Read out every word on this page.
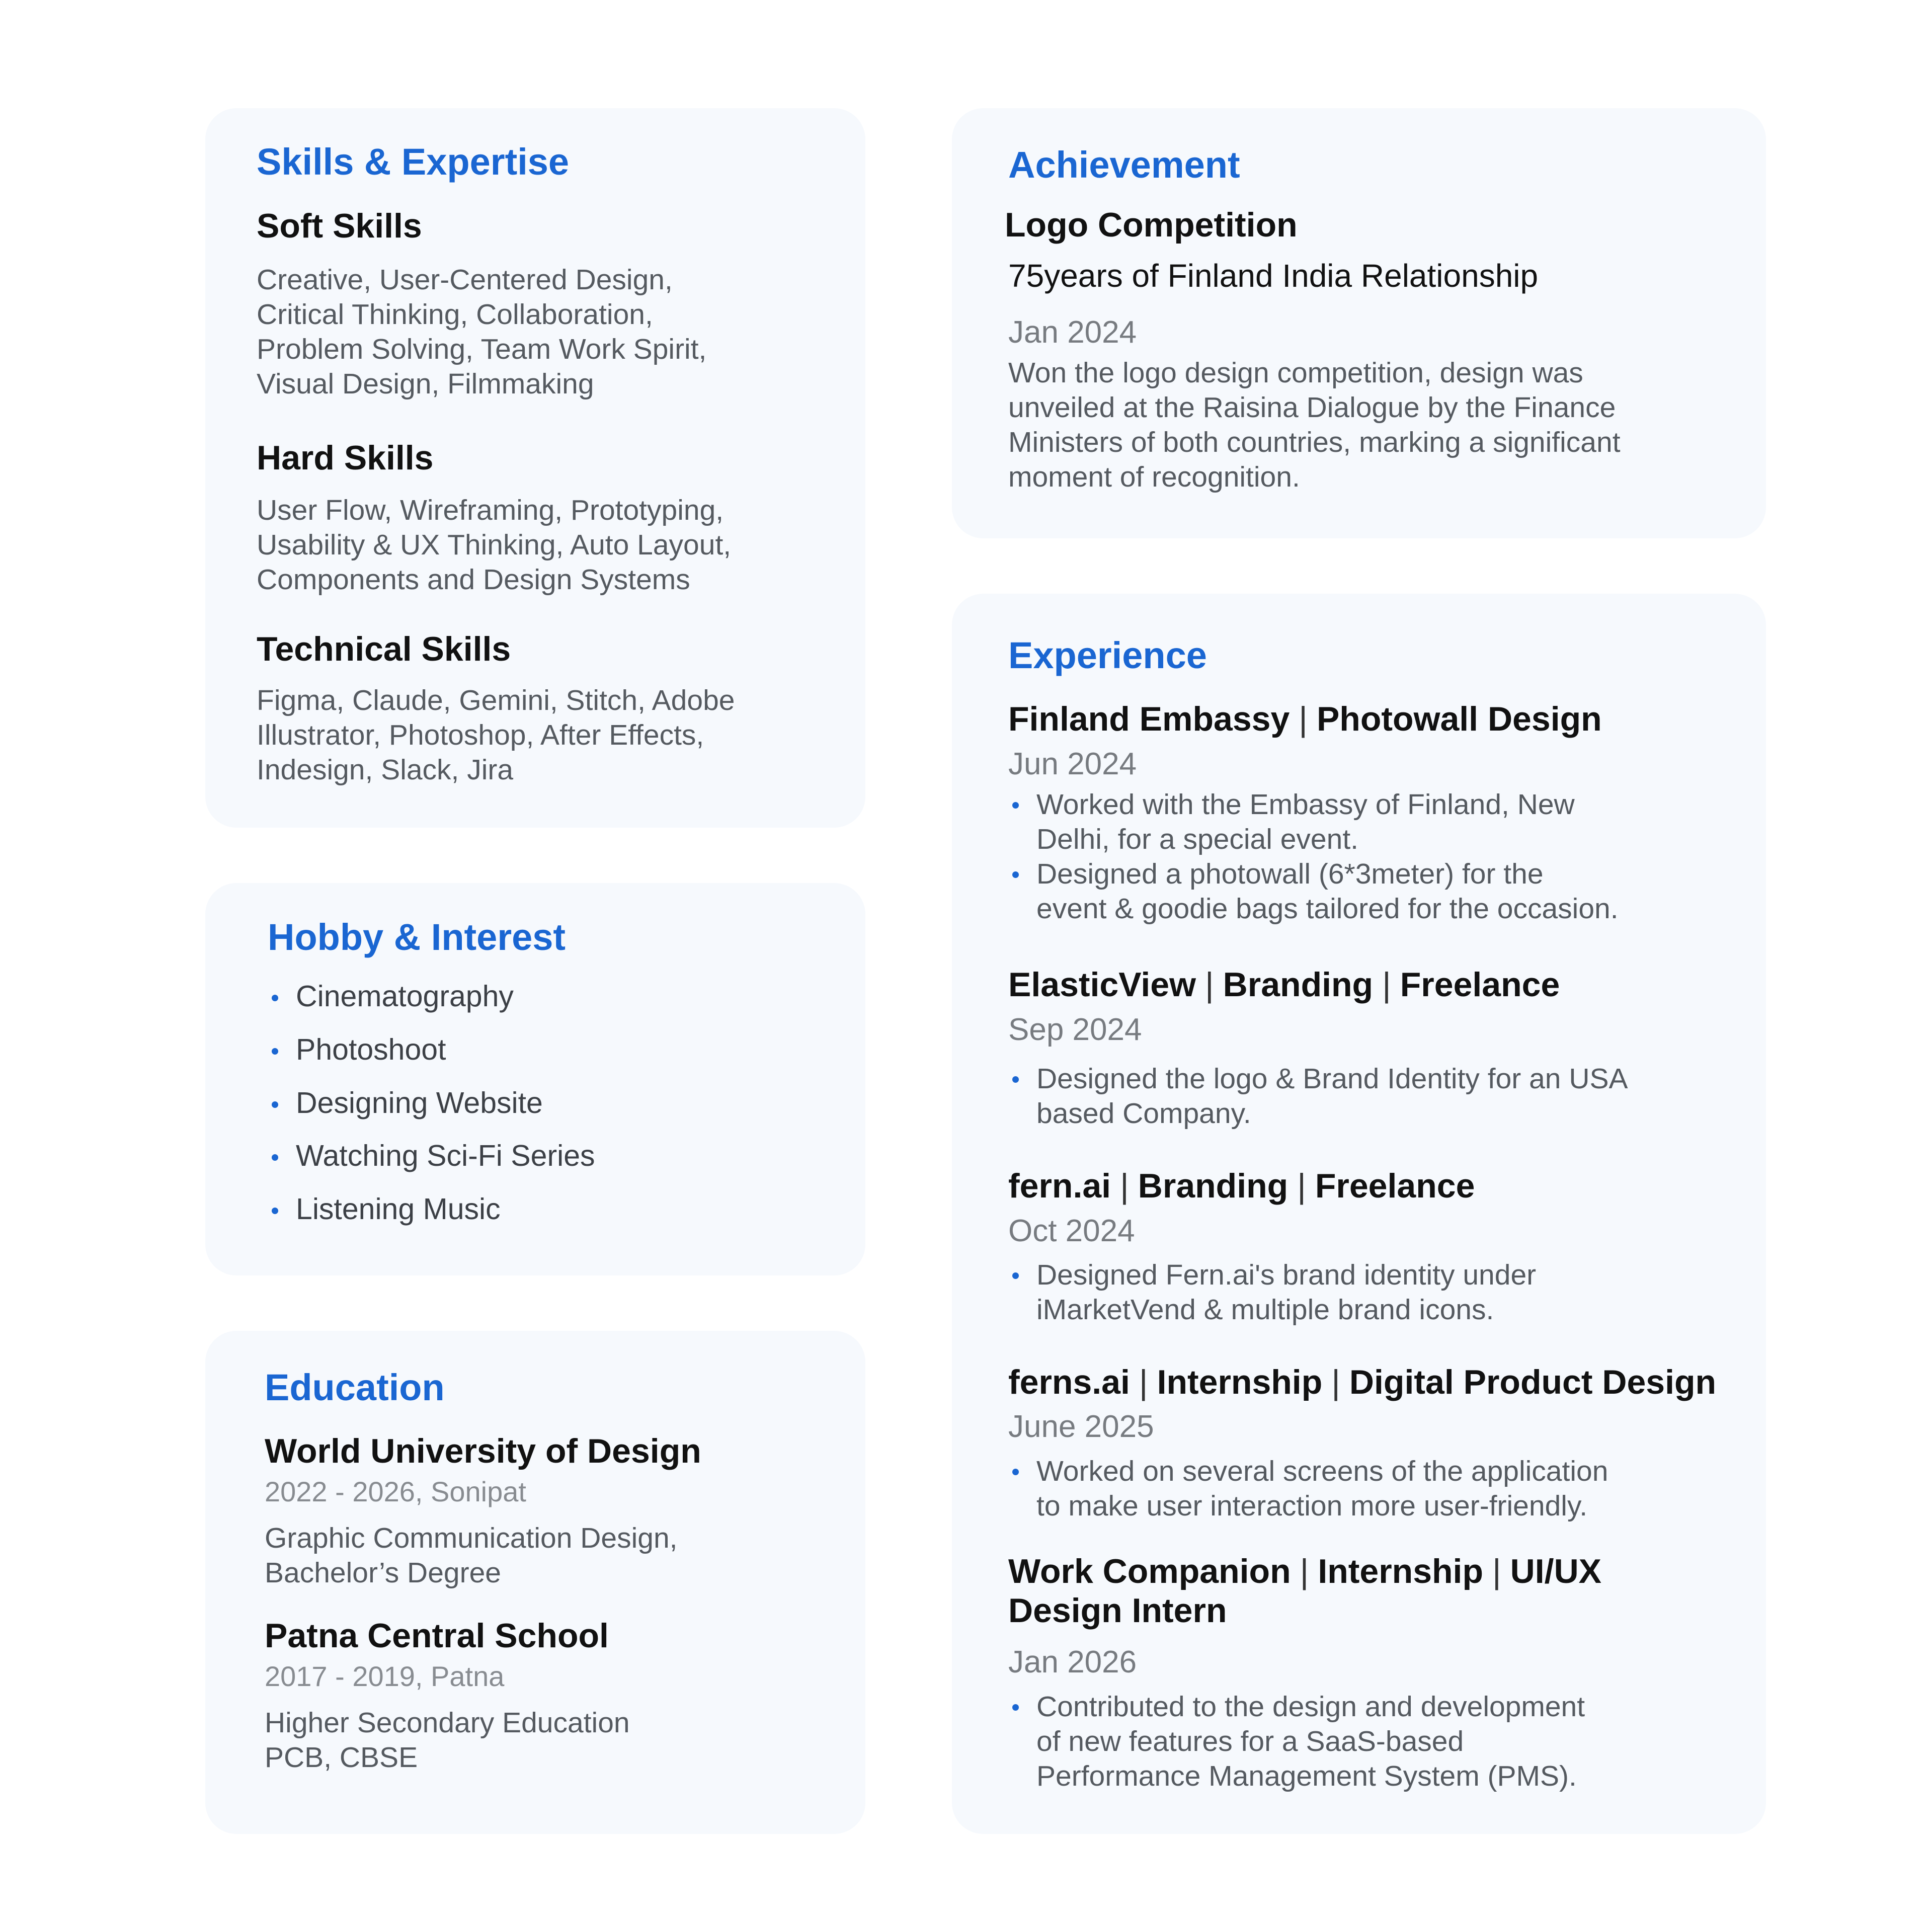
Skills & Expertise
Soft Skills
Creative, User-Centered Design,
Critical Thinking, Collaboration,
Problem Solving, Team Work Spirit,
Visual Design, Filmmaking
Hard Skills
User Flow, Wireframing, Prototyping,
Usability & UX Thinking, Auto Layout,
Components and Design Systems
Technical Skills
Figma, Claude, Gemini, Stitch, Adobe
Illustrator, Photoshop, After Effects,
Indesign, Slack, Jira
Hobby & Interest
Cinematography
Photoshoot
Designing Website
Watching Sci-Fi Series
Listening Music
Education
World University of Design
2022 - 2026, Sonipat
Graphic Communication Design,
Bachelor’s Degree
Patna Central School
2017 - 2019, Patna
Higher Secondary Education
PCB, CBSE
Achievement
Logo Competition
75years of Finland India Relationship
Jan 2024
Won the logo design competition, design was
unveiled at the Raisina Dialogue by the Finance
Ministers of both countries, marking a significant
moment of recognition.
Experience
Finland Embassy | Photowall Design
Jun 2024
Worked with the Embassy of Finland, New
Delhi, for a special event.
Designed a photowall (6*3meter) for the
event & goodie bags tailored for the occasion.
ElasticView | Branding | Freelance
Sep 2024
Designed the logo & Brand Identity for an USA
based Company.
fern.ai | Branding | Freelance
Oct 2024
Designed Fern.ai's brand identity under
iMarketVend & multiple brand icons.
ferns.ai | Internship | Digital Product Design
June 2025
Worked on several screens of the application
to make user interaction more user-friendly.
Work Companion | Internship | UI/UX
Design Intern
Jan 2026
Contributed to the design and development
of new features for a SaaS-based
Performance Management System (PMS).
